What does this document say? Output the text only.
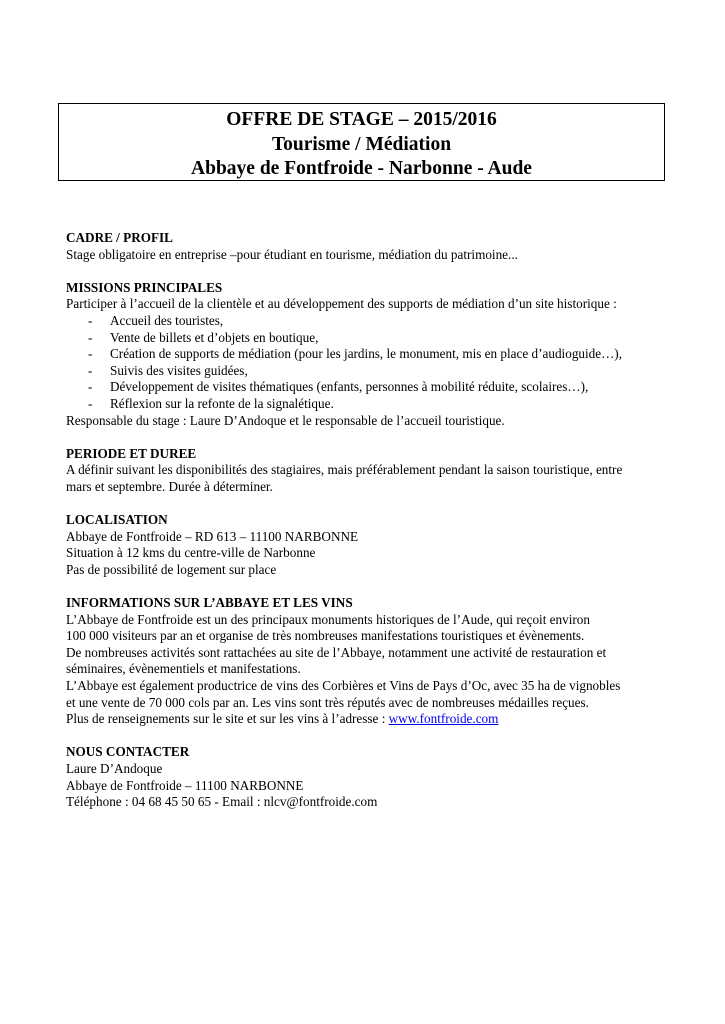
OFFRE DE STAGE – 2015/2016
Tourisme / Médiation
Abbaye de Fontfroide - Narbonne - Aude
CADRE / PROFIL
Stage obligatoire en entreprise –pour étudiant en tourisme, médiation du patrimoine...
MISSIONS PRINCIPALES
Participer à l’accueil de la clientèle et au développement des supports de médiation d’un site historique :
- Accueil des touristes,
- Vente de billets et d’objets en boutique,
- Création de supports de médiation (pour les jardins, le monument, mis en place d’audioguide…),
- Suivis des visites guidées,
- Développement de visites thématiques (enfants, personnes à mobilité réduite, scolaires…),
- Réflexion sur la refonte de la signalétique.
Responsable du stage : Laure D’Andoque et le responsable de l’accueil touristique.
PERIODE ET DUREE
A définir suivant les disponibilités des stagiaires, mais préférablement pendant la saison touristique, entre
mars et septembre. Durée à déterminer.
LOCALISATION
Abbaye de Fontfroide – RD 613 – 11100 NARBONNE
Situation à 12 kms du centre-ville de Narbonne
Pas de possibilité de logement sur place
INFORMATIONS SUR L’ABBAYE ET LES VINS
L’Abbaye de Fontfroide est un des principaux monuments historiques de l’Aude, qui reçoit environ
100 000 visiteurs par an et organise de très nombreuses manifestations touristiques et évènements.
De nombreuses activités sont rattachées au site de l’Abbaye, notamment une activité de restauration et
séminaires, évènementiels et manifestations.
L’Abbaye est également productrice de vins des Corbières et Vins de Pays d’Oc, avec 35 ha de vignobles
et une vente de 70 000 cols par an. Les vins sont très réputés avec de nombreuses médailles reçues.
Plus de renseignements sur le site et sur les vins à l’adresse : www.fontfroide.com
NOUS CONTACTER
Laure D’Andoque
Abbaye de Fontfroide – 11100 NARBONNE
Téléphone : 04 68 45 50 65 - Email : nlcv@fontfroide.com
